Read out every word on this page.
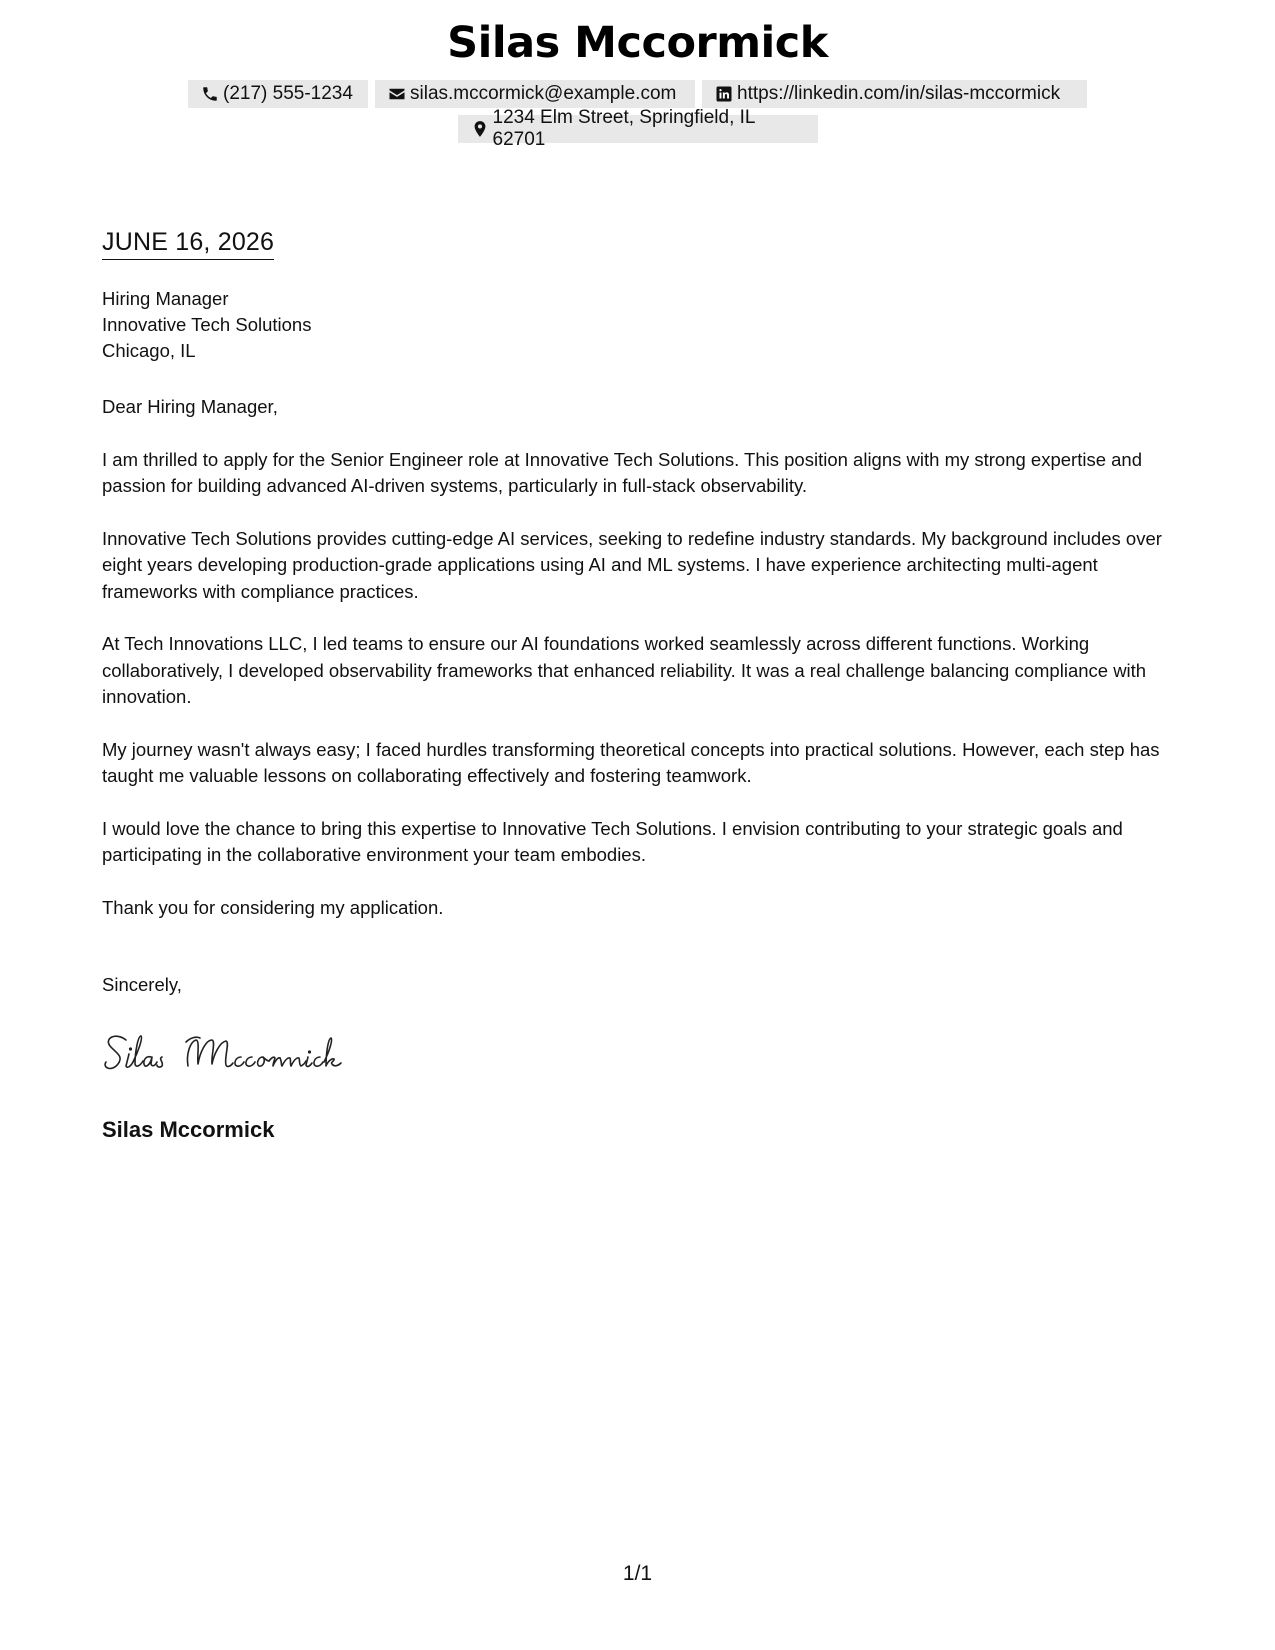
Silas Mccormick
(217) 555-1234	silas.mccormick@example.com	https://linkedin.com/in/silas-mccormick
1234 Elm Street, Springfield, IL 62701
JUNE 16, 2026
Hiring Manager
Innovative Tech Solutions
Chicago, IL

Dear Hiring Manager,

I am thrilled to apply for the Senior Engineer role at Innovative Tech Solutions. This position aligns with my strong expertise and passion for building advanced AI-driven systems, particularly in full-stack observability.

Innovative Tech Solutions provides cutting-edge AI services, seeking to redefine industry standards. My background includes over eight years developing production-grade applications using AI and ML systems. I have experience architecting multi-agent frameworks with compliance practices.

At Tech Innovations LLC, I led teams to ensure our AI foundations worked seamlessly across different functions. Working collaboratively, I developed observability frameworks that enhanced reliability. It was a real challenge balancing compliance with innovation.

My journey wasn't always easy; I faced hurdles transforming theoretical concepts into practical solutions. However, each step has taught me valuable lessons on collaborating effectively and fostering teamwork.

I would love the chance to bring this expertise to Innovative Tech Solutions. I envision contributing to your strategic goals and participating in the collaborative environment your team embodies.

Thank you for considering my application.

Sincerely,
Silas Mccormick
1/1
